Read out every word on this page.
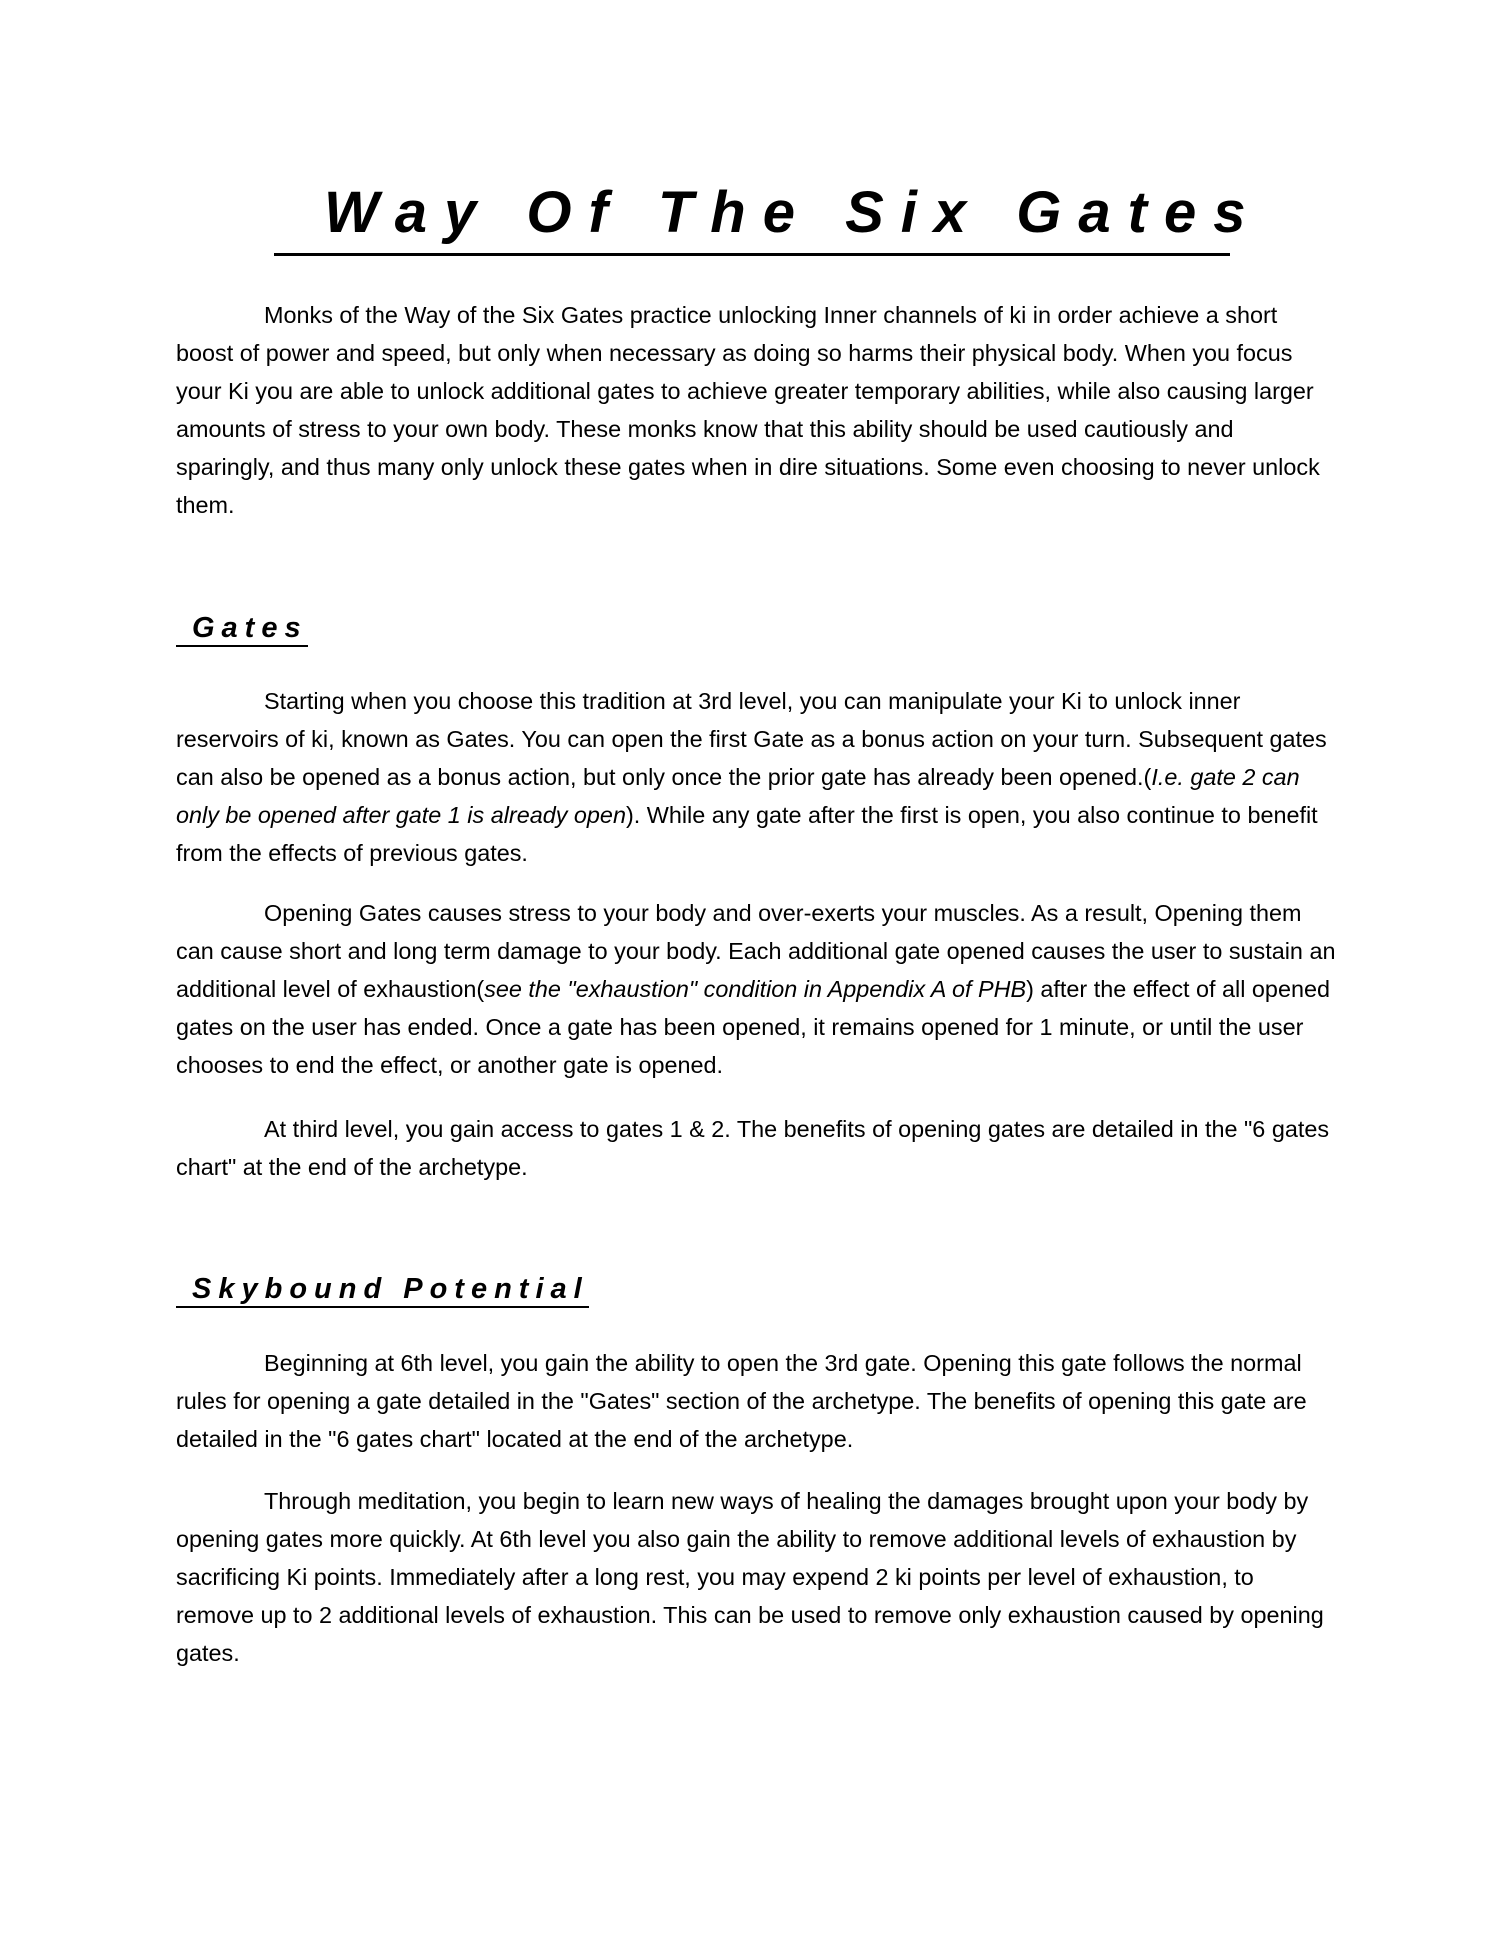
Way Of The Six Gates

Monks of the Way of the Six Gates practice unlocking Inner channels of ki in order achieve a short boost of power and speed, but only when necessary as doing so harms their physical body. When you focus your Ki you are able to unlock additional gates to achieve greater temporary abilities, while also causing larger amounts of stress to your own body. These monks know that this ability should be used cautiously and sparingly, and thus many only unlock these gates when in dire situations. Some even choosing to never unlock them.

Gates

Starting when you choose this tradition at 3rd level, you can manipulate your Ki to unlock inner reservoirs of ki, known as Gates. You can open the first Gate as a bonus action on your turn. Subsequent gates can also be opened as a bonus action, but only once the prior gate has already been opened.(I.e. gate 2 can only be opened after gate 1 is already open). While any gate after the first is open, you also continue to benefit from the effects of previous gates.

Opening Gates causes stress to your body and over-exerts your muscles. As a result, Opening them can cause short and long term damage to your body. Each additional gate opened causes the user to sustain an additional level of exhaustion(see the "exhaustion" condition in Appendix A of PHB) after the effect of all opened gates on the user has ended. Once a gate has been opened, it remains opened for 1 minute, or until the user chooses to end the effect, or another gate is opened.

At third level, you gain access to gates 1 & 2. The benefits of opening gates are detailed in the "6 gates chart" at the end of the archetype.

Skybound Potential

Beginning at 6th level, you gain the ability to open the 3rd gate. Opening this gate follows the normal rules for opening a gate detailed in the "Gates" section of the archetype. The benefits of opening this gate are detailed in the "6 gates chart" located at the end of the archetype.

Through meditation, you begin to learn new ways of healing the damages brought upon your body by opening gates more quickly. At 6th level you also gain the ability to remove additional levels of exhaustion by sacrificing Ki points. Immediately after a long rest, you may expend 2 ki points per level of exhaustion, to remove up to 2 additional levels of exhaustion. This can be used to remove only exhaustion caused by opening gates.
